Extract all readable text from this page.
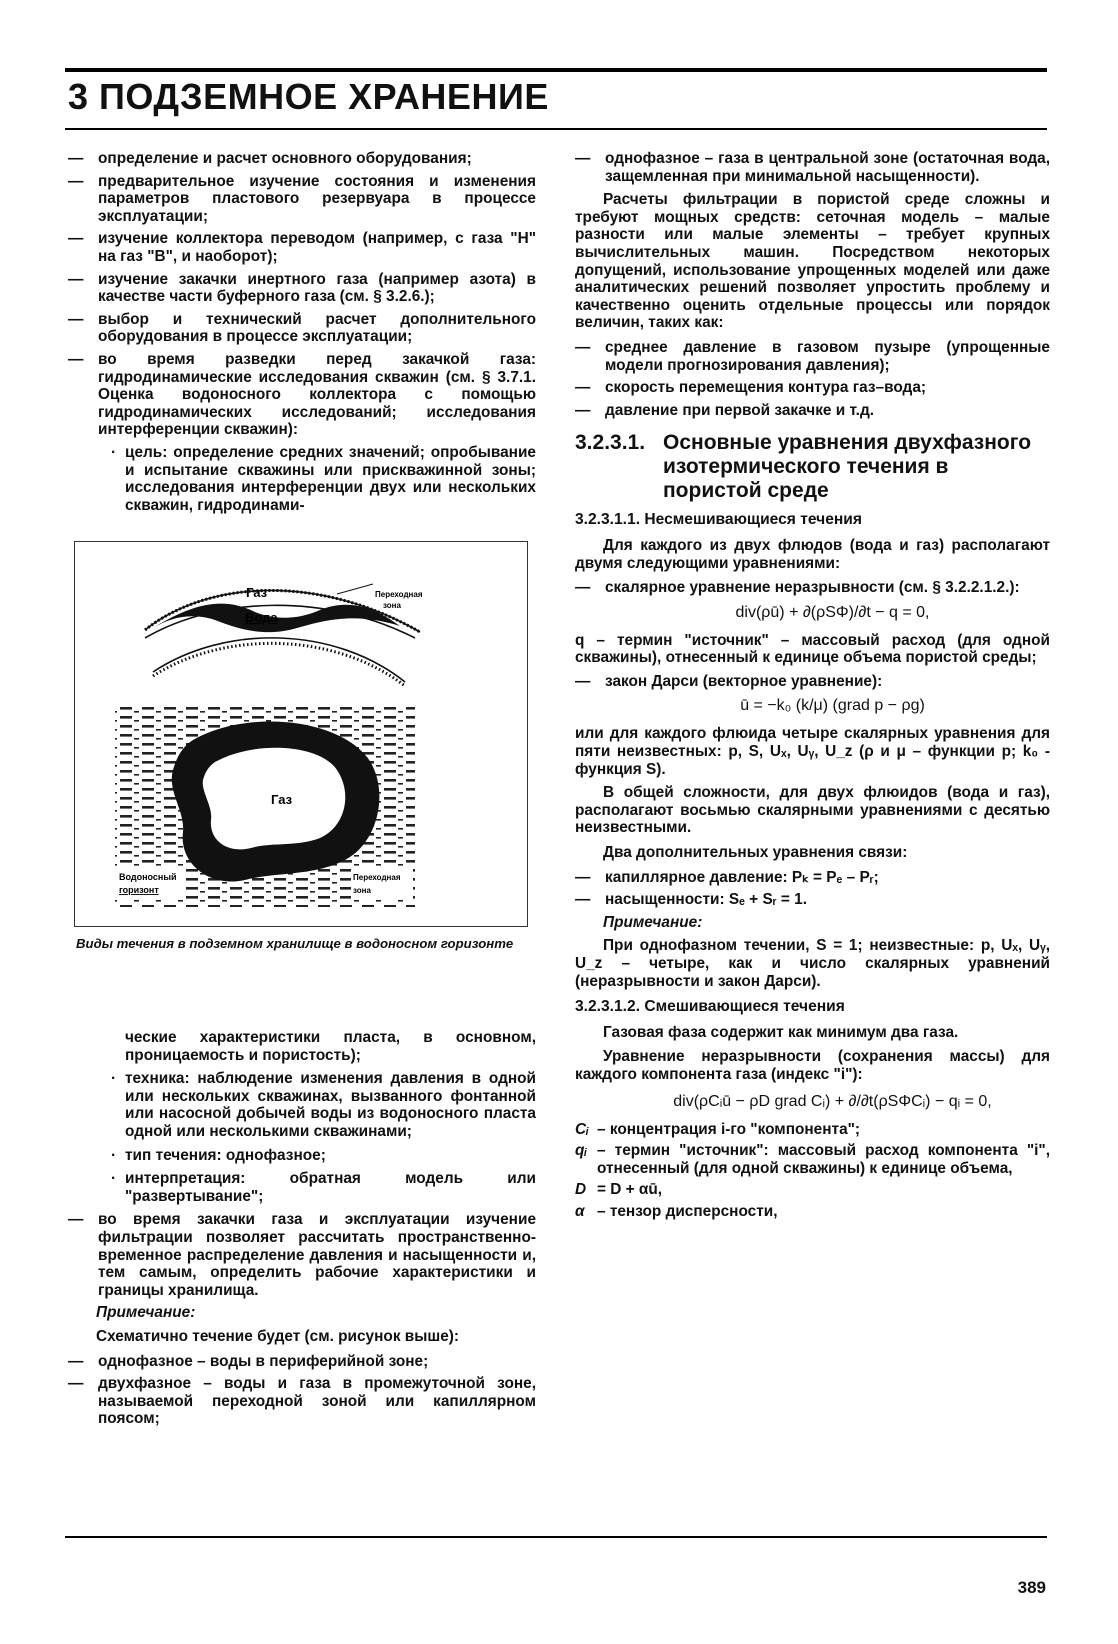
3 ПОДЗЕМНОЕ ХРАНЕНИЕ
— определение и расчет основного оборудования;
— предварительное изучение состояния и изменения параметров пластового резервуара в процессе эксплуатации;
— изучение коллектора переводом (например, с газа "H" на газ "B", и наоборот);
— изучение закачки инертного газа (например азота) в качестве части буферного газа (см. § 3.2.6.);
— выбор и технический расчет дополнительного оборудования в процессе эксплуатации;
— во время разведки перед закачкой газа: гидродинамические исследования скважин (см. § 3.7.1. Оценка водоносного коллектора с помощью гидродинамических исследований; исследования интерференции скважин):
· цель: определение средних значений; опробывание и испытание скважины или прискважинной зоны; исследования интерференции двух или нескольких скважин, гидродинами-
Газ
Вода
Переходная
зона
Газ
Водоносный
горизонт
Переходная
зона
Виды течения в подземном хранилище в водоносном горизонте
ческие характеристики пласта, в основном, проницаемость и пористость);
· техника: наблюдение изменения давления в одной или нескольких скважинах, вызванного фонтанной или насосной добычей воды из водоносного пласта одной или несколькими скважинами;
· тип течения: однофазное;
· интерпретация: обратная модель или "развертывание";
— во время закачки газа и эксплуатации изучение фильтрации позволяет рассчитать пространственно-временное распределение давления и насыщенности и, тем самым, определить рабочие характеристики и границы хранилища.
Примечание:
Схематично течение будет (см. рисунок выше):
— однофазное – воды в периферийной зоне;
— двухфазное – воды и газа в промежуточной зоне, называемой переходной зоной или капиллярном поясом;
— однофазное – газа в центральной зоне (остаточная вода, защемленная при минимальной насыщенности).
Расчеты фильтрации в пористой среде сложны и требуют мощных средств: сеточная модель – малые разности или малые элементы – требует крупных вычислительных машин. Посредством некоторых допущений, использование упрощенных моделей или даже аналитических решений позволяет упростить проблему и качественно оценить отдельные процессы или порядок величин, таких как:
— среднее давление в газовом пузыре (упрощенные модели прогнозирования давления);
— скорость перемещения контура газ–вода;
— давление при первой закачке и т.д.
3.2.3.1. Основные уравнения двухфазного изотермического течения в пористой среде
3.2.3.1.1. Несмешивающиеся течения
Для каждого из двух флюдов (вода и газ) располагают двумя следующими уравнениями:
— скалярное уравнение неразрывности (см. § 3.2.2.1.2.):
div(ρū) + ∂(ρSΦ)/∂t − q = 0,
q – термин "источник" – массовый расход (для одной скважины), отнесенный к единице объема пористой среды;
— закон Дарси (векторное уравнение):
ū = −k₀ (k/μ) (grad p − ρg)
или для каждого флюида четыре скалярных уравнения для пяти неизвестных: p, S, Uₓ, Uᵧ, U_z (ρ и μ – функции p; k₀ - функция S).
В общей сложности, для двух флюидов (вода и газ), располагают восьмью скалярными уравнениями с десятью неизвестными.
Два дополнительных уравнения связи:
— капиллярное давление: Pₖ = Pₑ – Pᵣ;
— насыщенности: Sₑ + Sᵣ = 1.
Примечание:
При однофазном течении, S = 1; неизвестные: p, Uₓ, Uᵧ, U_z – четыре, как и число скалярных уравнений (неразрывности и закон Дарси).
3.2.3.1.2. Смешивающиеся течения
Газовая фаза содержит как минимум два газа.
Уравнение неразрывности (сохранения массы) для каждого компонента газа (индекс "i"):
div(ρCᵢū − ρD grad Cᵢ) + ∂/∂t(ρSΦCᵢ) − qᵢ = 0,
Cᵢ – концентрация i-го "компонента";
qᵢ – термин "источник": массовый расход компонента "i", отнесенный (для одной скважины) к единице объема,
D = D + αū,
α – тензор дисперсности,
389
